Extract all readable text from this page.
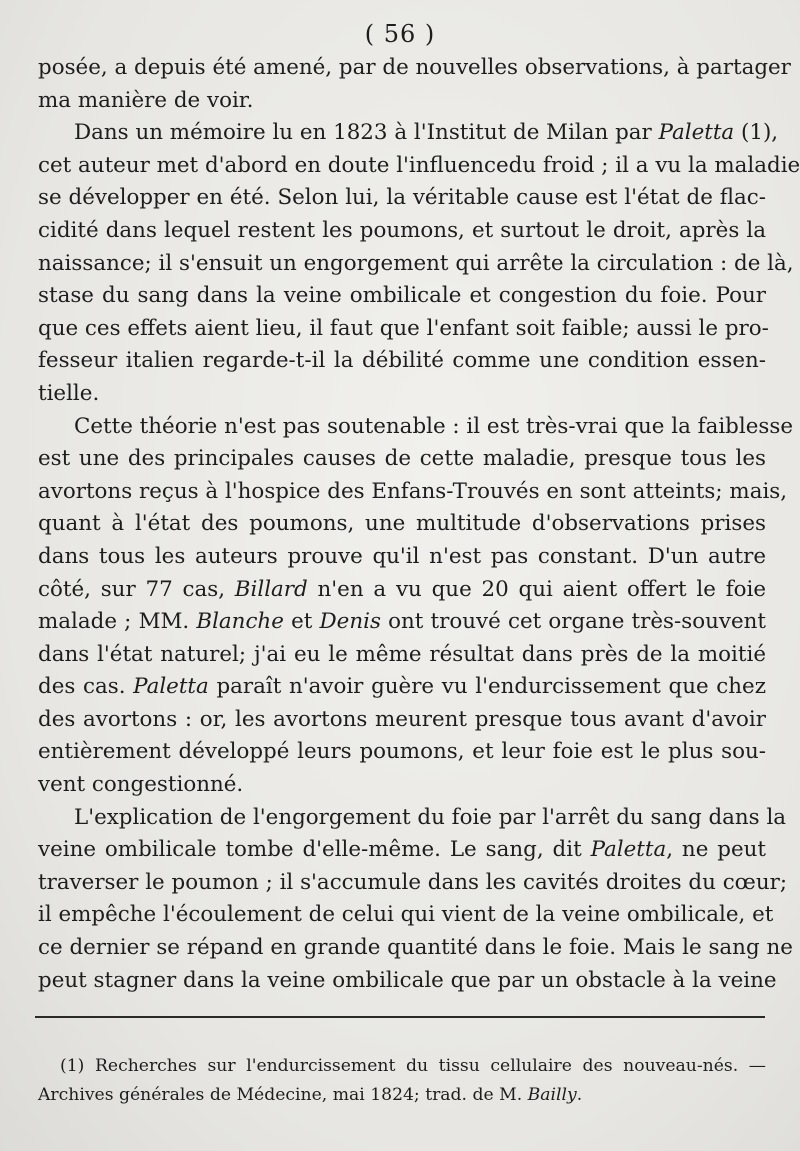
( 56 )
posée, a depuis été amené, par de nouvelles observations, à partager
ma manière de voir.
Dans un mémoire lu en 1823 à l'Institut de Milan par Paletta (1),
cet auteur met d'abord en doute l'influencedu froid ; il a vu la maladie
se développer en été. Selon lui, la véritable cause est l'état de flac-
cidité dans lequel restent les poumons, et surtout le droit, après la
naissance; il s'ensuit un engorgement qui arrête la circulation : de là,
stase du sang dans la veine ombilicale et congestion du foie. Pour
que ces effets aient lieu, il faut que l'enfant soit faible; aussi le pro-
fesseur italien regarde-t-il la débilité comme une condition essen-
tielle.
Cette théorie n'est pas soutenable : il est très-vrai que la faiblesse
est une des principales causes de cette maladie, presque tous les
avortons reçus à l'hospice des Enfans-Trouvés en sont atteints; mais,
quant à l'état des poumons, une multitude d'observations prises
dans tous les auteurs prouve qu'il n'est pas constant. D'un autre
côté, sur 77 cas, Billard n'en a vu que 20 qui aient offert le foie
malade ; MM. Blanche et Denis ont trouvé cet organe très-souvent
dans l'état naturel; j'ai eu le même résultat dans près de la moitié
des cas. Paletta paraît n'avoir guère vu l'endurcissement que chez
des avortons : or, les avortons meurent presque tous avant d'avoir
entièrement développé leurs poumons, et leur foie est le plus sou-
vent congestionné.
L'explication de l'engorgement du foie par l'arrêt du sang dans la
veine ombilicale tombe d'elle-même. Le sang, dit Paletta, ne peut
traverser le poumon ; il s'accumule dans les cavités droites du cœur;
il empêche l'écoulement de celui qui vient de la veine ombilicale, et
ce dernier se répand en grande quantité dans le foie. Mais le sang ne
peut stagner dans la veine ombilicale que par un obstacle à la veine
(1) Recherches sur l'endurcissement du tissu cellulaire des nouveau-nés. —
Archives générales de Médecine, mai 1824; trad. de M. Bailly.
